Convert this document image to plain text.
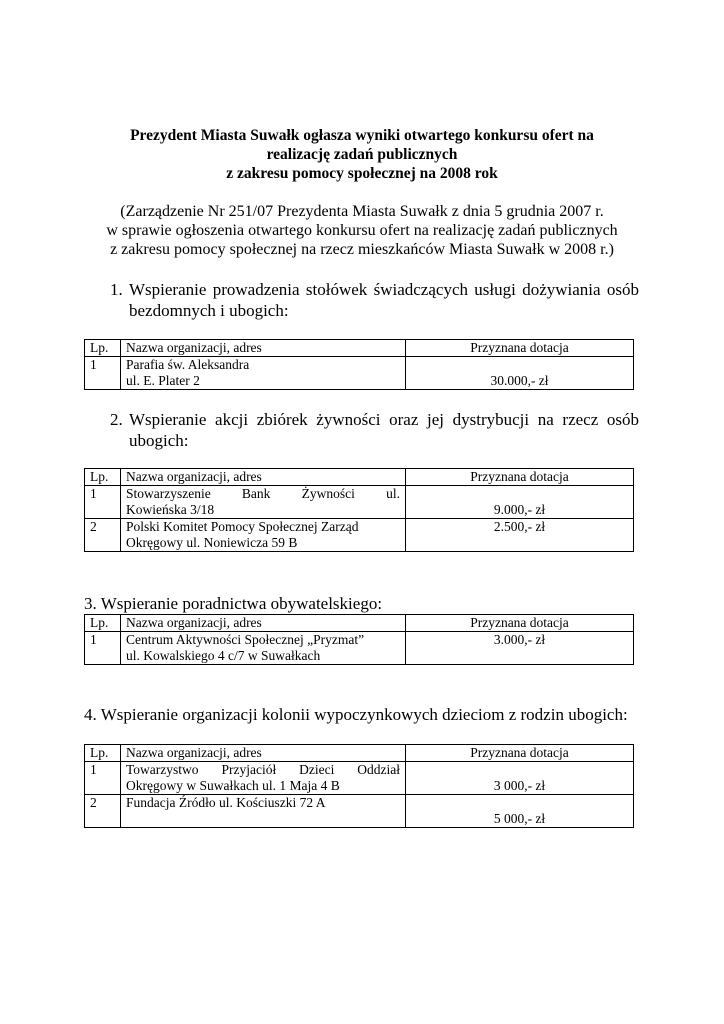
Prezydent Miasta Suwałk ogłasza wyniki otwartego konkursu ofert na
realizację zadań publicznych
z zakresu pomocy społecznej na 2008 rok
(Zarządzenie Nr 251/07 Prezydenta Miasta Suwałk z dnia 5 grudnia 2007 r.
w sprawie ogłoszenia otwartego konkursu ofert na realizację zadań publicznych
z zakresu pomocy społecznej na rzecz mieszkańców Miasta Suwałk w 2008 r.)
1. Wspieranie prowadzenia stołówek świadczących usługi dożywiania osób bezdomnych i ubogich:
Lp.	Nazwa organizacji, adres	Przyznana dotacja
1	Parafia św. Aleksandra
ul. E. Plater 2	30.000,- zł
2. Wspieranie akcji zbiórek żywności oraz jej dystrybucji na rzecz osób ubogich:
Lp.	Nazwa organizacji, adres	Przyznana dotacja
1	Stowarzyszenie Bank Żywności ul.
Kowieńska 3/18	9.000,- zł
2	Polski Komitet Pomocy Społecznej Zarząd
Okręgowy ul. Noniewicza 59 B	2.500,- zł
3. Wspieranie poradnictwa obywatelskiego:
Lp.	Nazwa organizacji, adres	Przyznana dotacja
1	Centrum Aktywności Społecznej „Pryzmat”
ul. Kowalskiego 4 c/7 w Suwałkach	3.000,- zł
4. Wspieranie organizacji kolonii wypoczynkowych dzieciom z rodzin ubogich:
Lp.	Nazwa organizacji, adres	Przyznana dotacja
1	Towarzystwo Przyjaciół Dzieci Oddział
Okręgowy w Suwałkach ul. 1 Maja 4 B	3 000,- zł
2	Fundacja Źródło ul. Kościuszki 72 A	5 000,- zł
